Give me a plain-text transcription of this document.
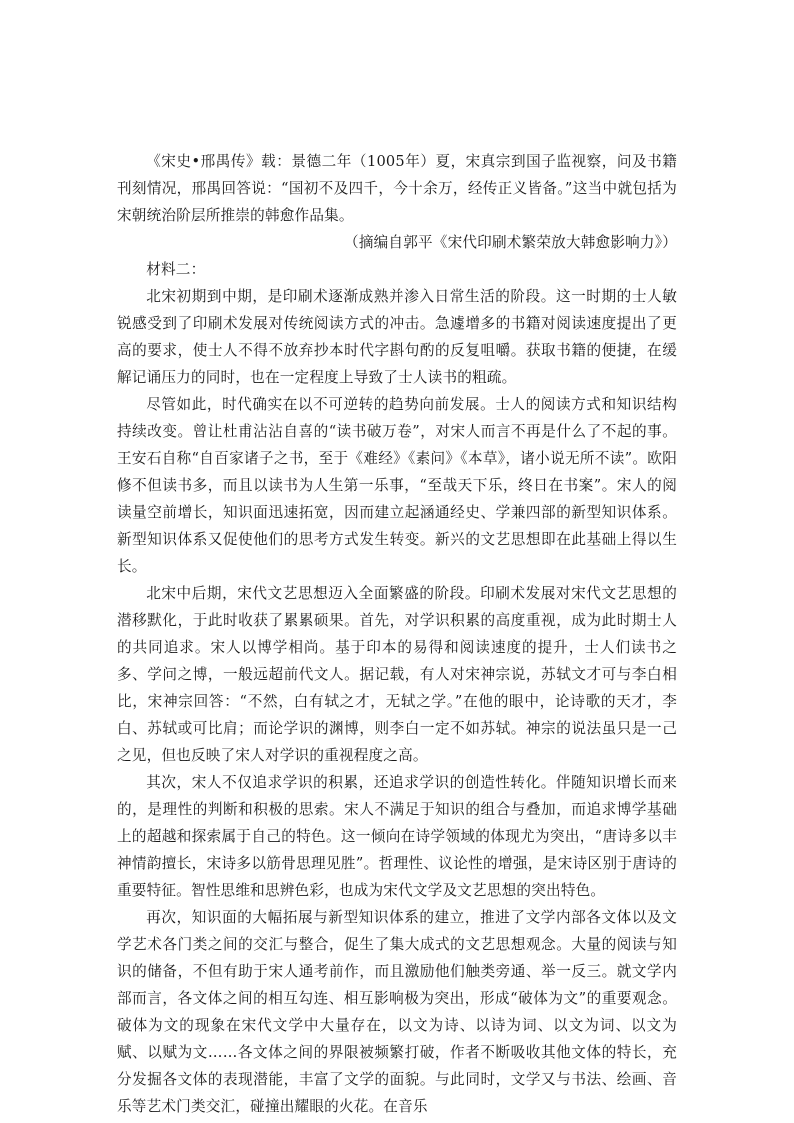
《宋史•邢禺传》载：景德二年（1005年）夏，宋真宗到国子监视察，问及书籍刊刻情况，邢禺回答说：“国初不及四千，今十余万，经传正义皆备。”这当中就包括为宋朝统治阶层所推崇的韩愈作品集。

（摘编自郭平《宋代印刷术繁荣放大韩愈影响力》）

材料二：

北宋初期到中期，是印刷术逐渐成熟并渗入日常生活的阶段。这一时期的士人敏锐感受到了印刷术发展对传统阅读方式的冲击。急遽增多的书籍对阅读速度提出了更高的要求，使士人不得不放弃抄本时代字斟句酌的反复咀嚼。获取书籍的便捷，在缓解记诵压力的同时，也在一定程度上导致了士人读书的粗疏。

尽管如此，时代确实在以不可逆转的趋势向前发展。士人的阅读方式和知识结构持续改变。曾让杜甫沾沾自喜的“读书破万卷”，对宋人而言不再是什么了不起的事。王安石自称“自百家诸子之书，至于《难经》《素问》《本草》，诸小说无所不读”。欧阳修不但读书多，而且以读书为人生第一乐事，“至哉天下乐，终日在书案”。宋人的阅读量空前增长，知识面迅速拓宽，因而建立起涵通经史、学兼四部的新型知识体系。新型知识体系又促使他们的思考方式发生转变。新兴的文艺思想即在此基础上得以生长。

北宋中后期，宋代文艺思想迈入全面繁盛的阶段。印刷术发展对宋代文艺思想的潜移默化，于此时收获了累累硕果。首先，对学识积累的高度重视，成为此时期士人的共同追求。宋人以博学相尚。基于印本的易得和阅读速度的提升，士人们读书之多、学问之博，一般远超前代文人。据记载，有人对宋神宗说，苏轼文才可与李白相比，宋神宗回答：“不然，白有轼之才，无轼之学。”在他的眼中，论诗歌的天才，李白、苏轼或可比肩；而论学识的渊博，则李白一定不如苏轼。神宗的说法虽只是一己之见，但也反映了宋人对学识的重视程度之高。

其次，宋人不仅追求学识的积累，还追求学识的创造性转化。伴随知识增长而来的，是理性的判断和积极的思索。宋人不满足于知识的组合与叠加，而追求博学基础上的超越和探索属于自己的特色。这一倾向在诗学领域的体现尤为突出，“唐诗多以丰神情韵擅长，宋诗多以筋骨思理见胜”。哲理性、议论性的增强，是宋诗区别于唐诗的重要特征。智性思维和思辨色彩，也成为宋代文学及文艺思想的突出特色。

再次，知识面的大幅拓展与新型知识体系的建立，推进了文学内部各文体以及文学艺术各门类之间的交汇与整合，促生了集大成式的文艺思想观念。大量的阅读与知识的储备，不但有助于宋人通考前作，而且激励他们触类旁通、举一反三。就文学内部而言，各文体之间的相互勾连、相互影响极为突出，形成“破体为文”的重要观念。破体为文的现象在宋代文学中大量存在，以文为诗、以诗为词、以文为词、以文为赋、以赋为文……各文体之间的界限被频繁打破，作者不断吸收其他文体的特长，充分发掘各文体的表现潜能，丰富了文学的面貌。与此同时，文学又与书法、绘画、音乐等艺术门类交汇，碰撞出耀眼的火花。在音乐
